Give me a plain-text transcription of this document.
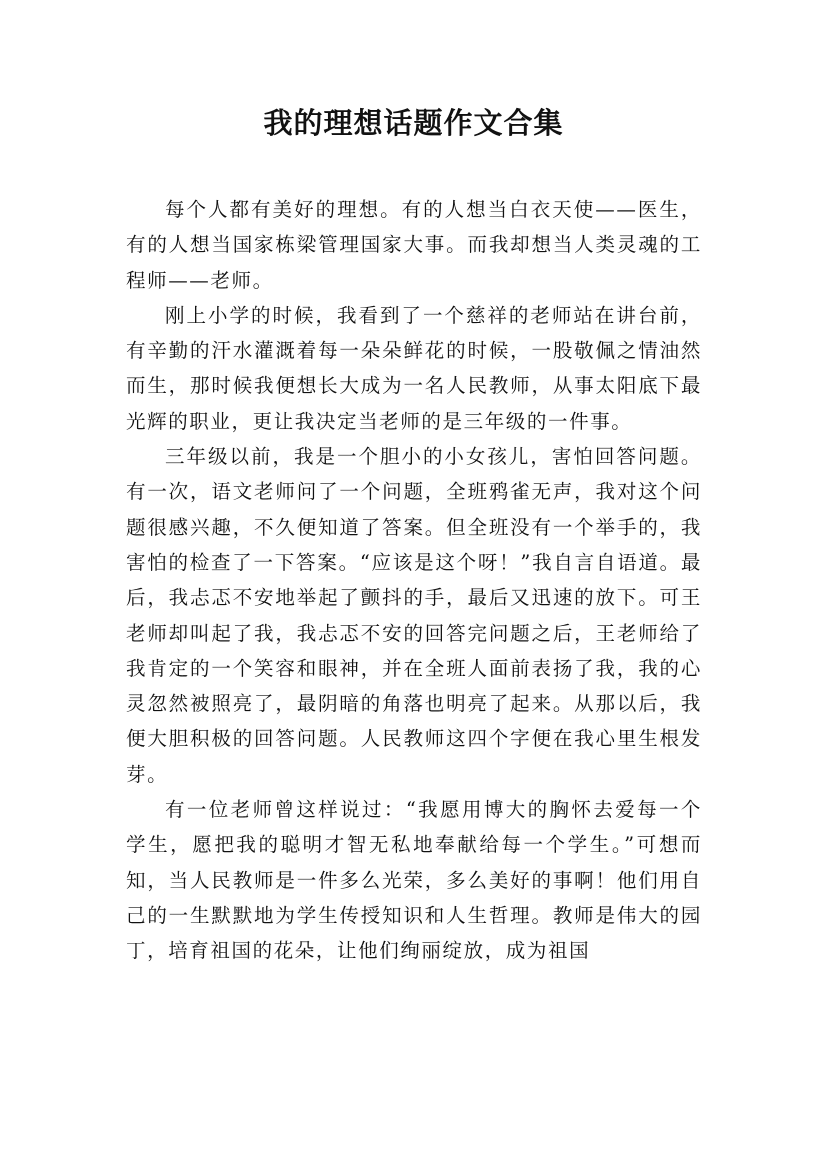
我的理想话题作文合集

每个人都有美好的理想。有的人想当白衣天使——医生，有的人想当国家栋梁管理国家大事。而我却想当人类灵魂的工程师——老师。

刚上小学的时候，我看到了一个慈祥的老师站在讲台前，有辛勤的汗水灌溉着每一朵朵鲜花的时候，一股敬佩之情油然而生，那时候我便想长大成为一名人民教师，从事太阳底下最光辉的职业，更让我决定当老师的是三年级的一件事。

三年级以前，我是一个胆小的小女孩儿，害怕回答问题。有一次，语文老师问了一个问题，全班鸦雀无声，我对这个问题很感兴趣，不久便知道了答案。但全班没有一个举手的，我害怕的检查了一下答案。“应该是这个呀！”我自言自语道。最后，我忐忑不安地举起了颤抖的手，最后又迅速的放下。可王老师却叫起了我，我忐忑不安的回答完问题之后，王老师给了我肯定的一个笑容和眼神，并在全班人面前表扬了我，我的心灵忽然被照亮了，最阴暗的角落也明亮了起来。从那以后，我便大胆积极的回答问题。人民教师这四个字便在我心里生根发芽。

有一位老师曾这样说过：“我愿用博大的胸怀去爱每一个学生，愿把我的聪明才智无私地奉献给每一个学生。”可想而知，当人民教师是一件多么光荣，多么美好的事啊！他们用自己的一生默默地为学生传授知识和人生哲理。教师是伟大的园丁，培育祖国的花朵，让他们绚丽绽放，成为祖国
